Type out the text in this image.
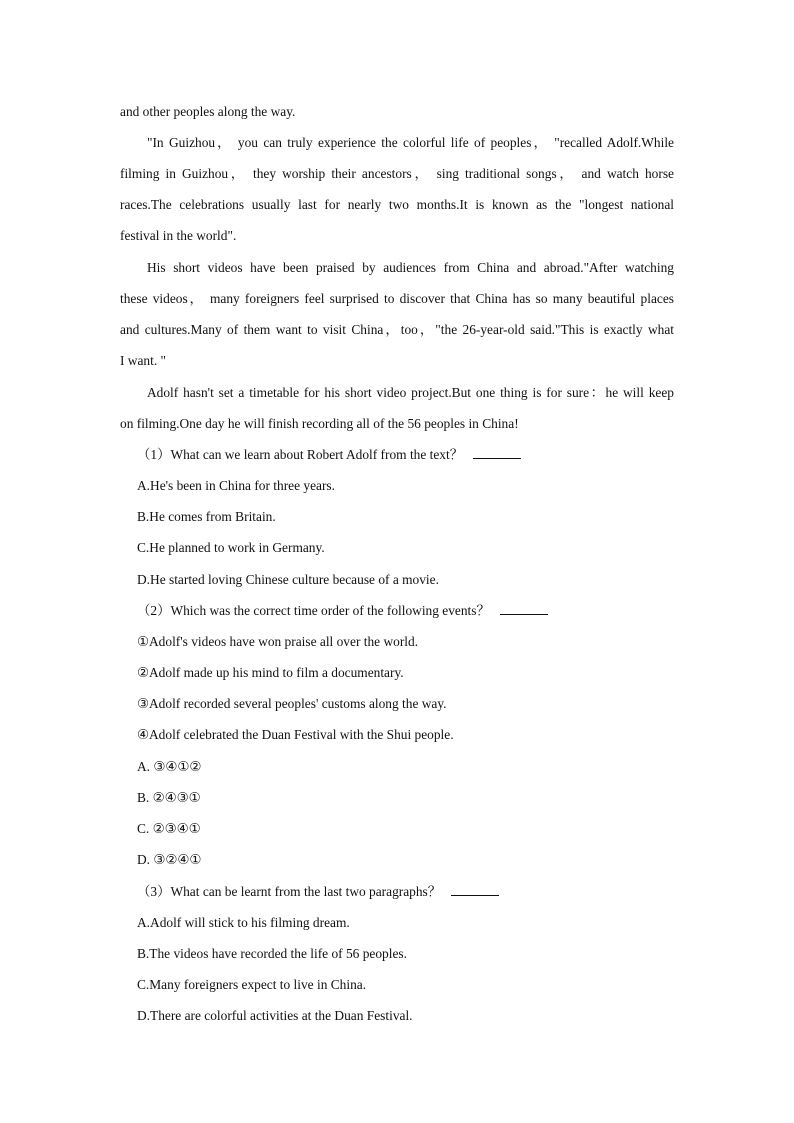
and other peoples along the way.
"In Guizhou， you can truly experience the colorful life of peoples， "recalled Adolf.While
filming in Guizhou， they worship their ancestors， sing traditional songs， and watch horse
races.The celebrations usually last for nearly two months.It is known as the "longest national
festival in the world".
His short videos have been praised by audiences from China and abroad."After watching
these videos， many foreigners feel surprised to discover that China has so many beautiful places
and cultures.Many of them want to visit China，too，"the 26-year-old said."This is exactly what
I want. "
Adolf hasn't set a timetable for his short video project.But one thing is for sure：he will keep
on filming.One day he will finish recording all of the 56 peoples in China!
（1）What can we learn about Robert Adolf from the text？
A.He's been in China for three years.
B.He comes from Britain.
C.He planned to work in Germany.
D.He started loving Chinese culture because of a movie.
（2）Which was the correct time order of the following events？
①Adolf's videos have won praise all over the world.
②Adolf made up his mind to film a documentary.
③Adolf recorded several peoples' customs along the way.
④Adolf celebrated the Duan Festival with the Shui people.
A. ③④①②
B. ②④③①
C. ②③④①
D. ③②④①
（3）What can be learnt from the last two paragraphs？
A.Adolf will stick to his filming dream.
B.The videos have recorded the life of 56 peoples.
C.Many foreigners expect to live in China.
D.There are colorful activities at the Duan Festival.
